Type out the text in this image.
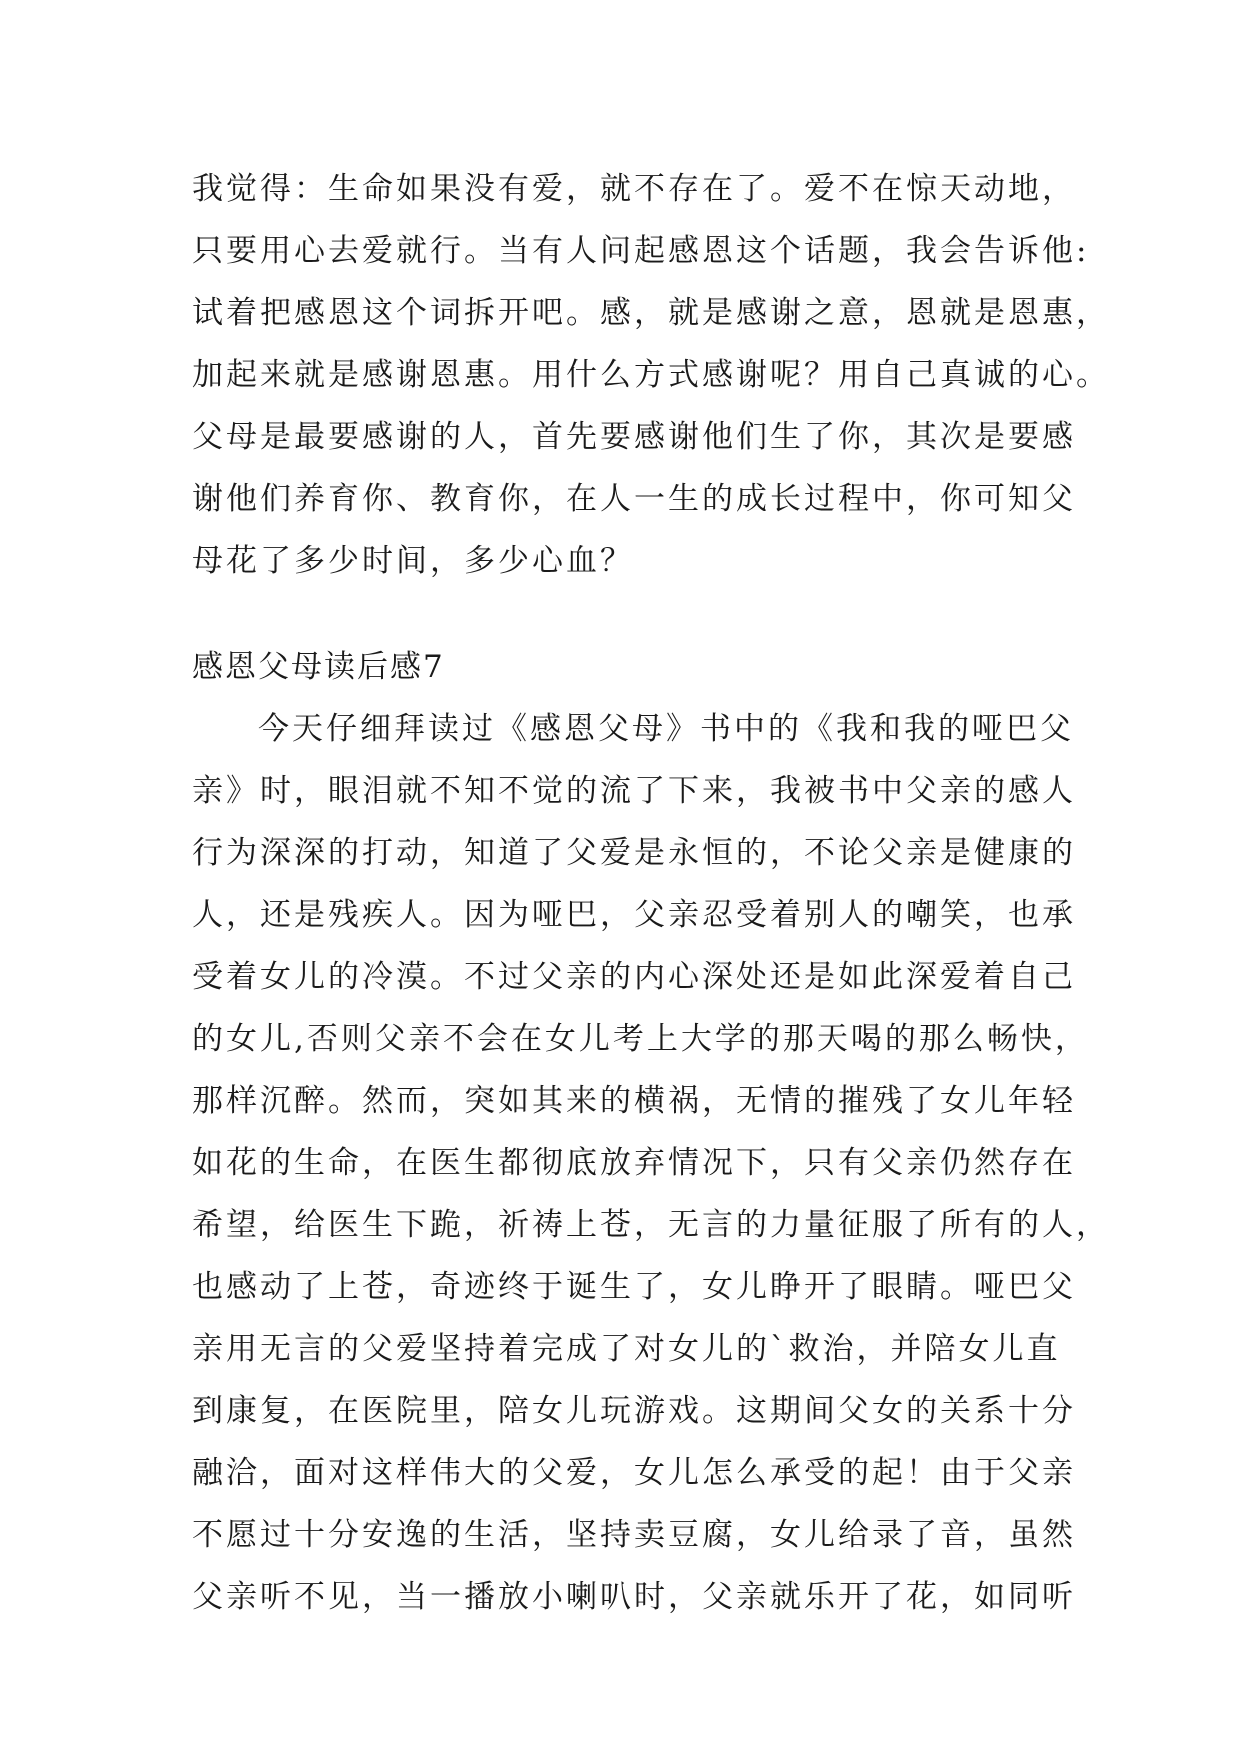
我觉得：生命如果没有爱，就不存在了。爱不在惊天动地，
只要用心去爱就行。当有人问起感恩这个话题，我会告诉他:
试着把感恩这个词拆开吧。感，就是感谢之意，恩就是恩惠，
加起来就是感谢恩惠。用什么方式感谢呢？用自己真诚的心。
父母是最要感谢的人，首先要感谢他们生了你，其次是要感
谢他们养育你、教育你，在人一生的成长过程中，你可知父
母花了多少时间，多少心血？
感恩父母读后感7
今天仔细拜读过《感恩父母》书中的《我和我的哑巴父
亲》时，眼泪就不知不觉的流了下来，我被书中父亲的感人
行为深深的打动，知道了父爱是永恒的，不论父亲是健康的
人，还是残疾人。因为哑巴，父亲忍受着别人的嘲笑，也承
受着女儿的冷漠。不过父亲的内心深处还是如此深爱着自己
的女儿,否则父亲不会在女儿考上大学的那天喝的那么畅快，
那样沉醉。然而，突如其来的横祸，无情的摧残了女儿年轻
如花的生命，在医生都彻底放弃情况下，只有父亲仍然存在
希望，给医生下跪，祈祷上苍，无言的力量征服了所有的人，
也感动了上苍，奇迹终于诞生了，女儿睁开了眼睛。哑巴父
亲用无言的父爱坚持着完成了对女儿的`救治，并陪女儿直
到康复，在医院里，陪女儿玩游戏。这期间父女的关系十分
融洽，面对这样伟大的父爱，女儿怎么承受的起！由于父亲
不愿过十分安逸的生活，坚持卖豆腐，女儿给录了音，虽然
父亲听不见，当一播放小喇叭时，父亲就乐开了花，如同听
